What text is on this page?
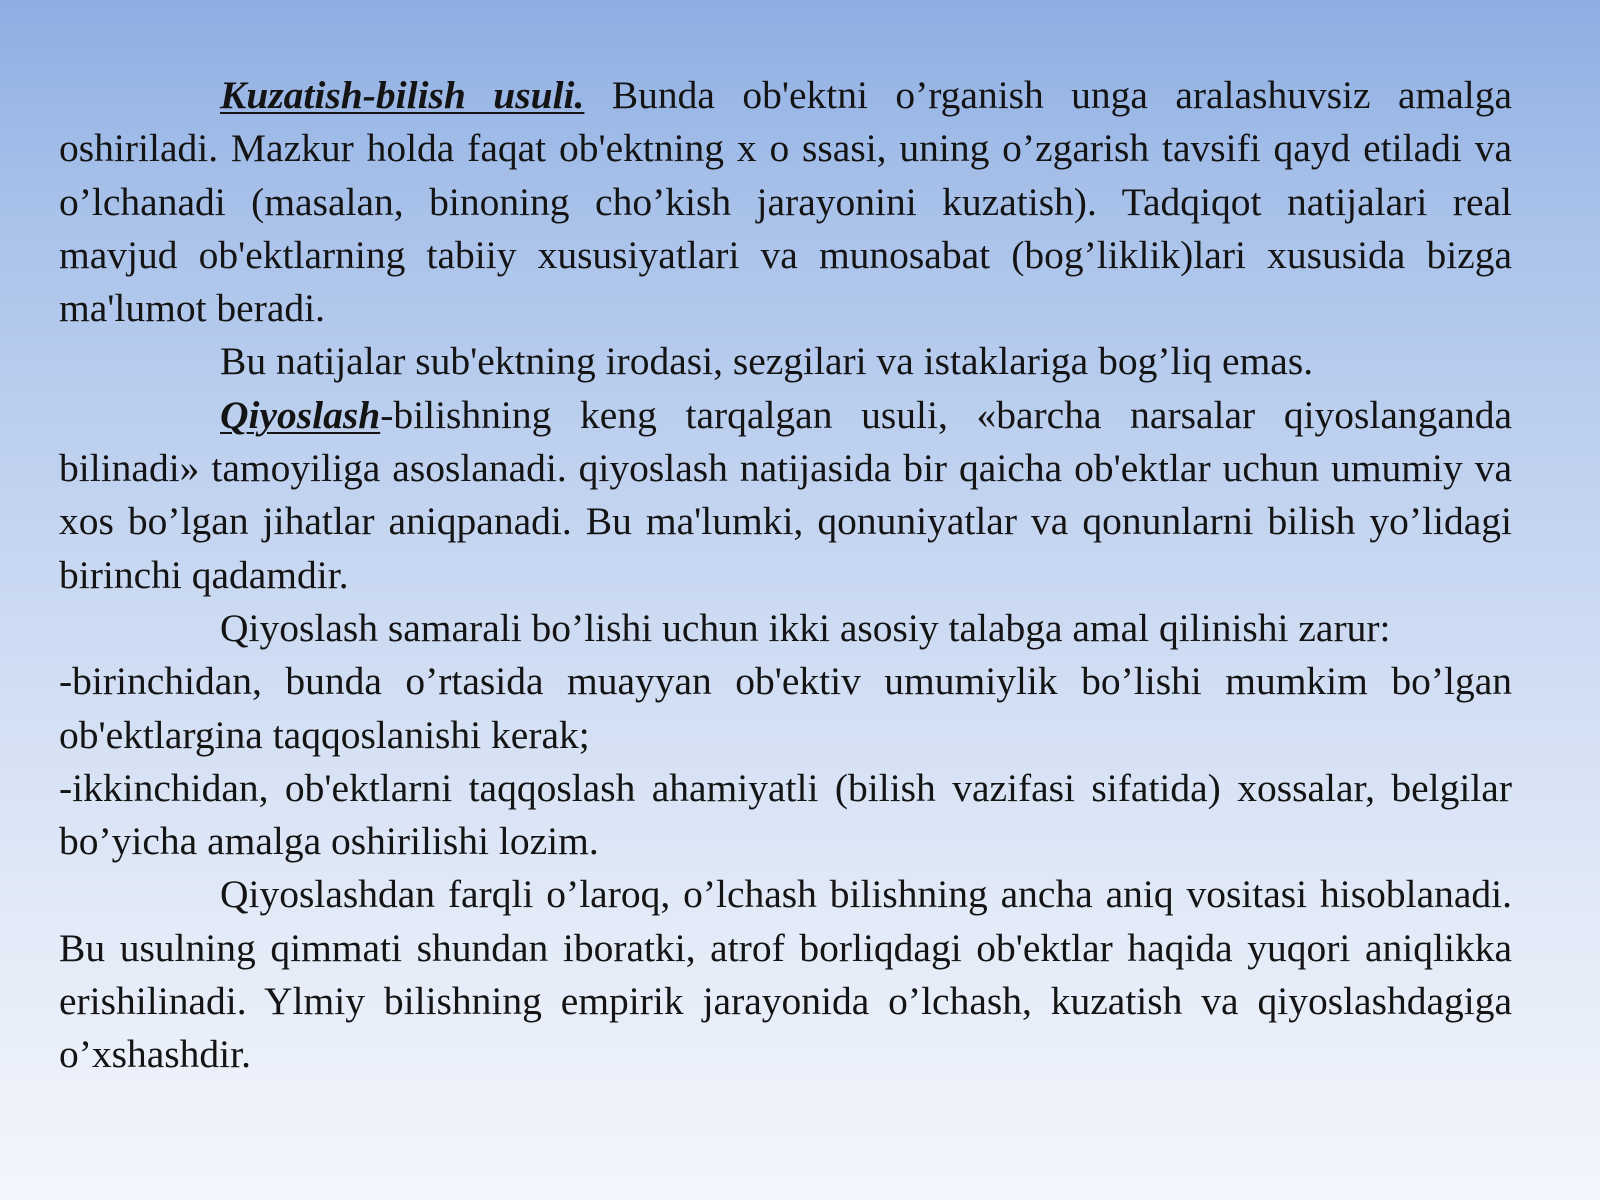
Kuzatish-bilish usuli. Bunda ob'ektni o’rganish unga aralashuvsiz amalga oshiriladi. Mazkur holda faqat ob'ektning x o ssasi, uning o’zgarish tavsifi qayd etiladi va o’lchanadi (masalan, binoning cho’kish jarayonini kuzatish). Tadqiqot natijalari real mavjud ob'ektlarning tabiiy xususiyatlari va munosabat (bog’liklik)lari xususida bizga ma'lumot beradi.

Bu natijalar sub'ektning irodasi, sezgilari va istaklariga bog’liq emas.

Qiyoslash-bilishning keng tarqalgan usuli, «barcha narsalar qiyoslanganda bilinadi» tamoyiliga asoslanadi. qiyoslash natijasida bir qaicha ob'ektlar uchun umumiy va xos bo’lgan jihatlar aniqpanadi. Bu ma'lumki, qonuniyatlar va qonunlarni bilish yo’lidagi birinchi qadamdir.

Qiyoslash samarali bo’lishi uchun ikki asosiy talabga amal qilinishi zarur:

-birinchidan, bunda o’rtasida muayyan ob'ektiv umumiylik bo’lishi mumkim bo’lgan ob'ektlargina taqqoslanishi kerak;

-ikkinchidan, ob'ektlarni taqqoslash ahamiyatli (bilish vazifasi sifatida) xossalar, belgilar bo’yicha amalga oshirilishi lozim.

Qiyoslashdan farqli o’laroq, o’lchash bilishning ancha aniq vositasi hisoblanadi. Bu usulning qimmati shundan iboratki, atrof borliqdagi ob'ektlar haqida yuqori aniqlikka erishilinadi. Ylmiy bilishning empirik jarayonida o’lchash, kuzatish va qiyoslashdagiga o’xshashdir.
